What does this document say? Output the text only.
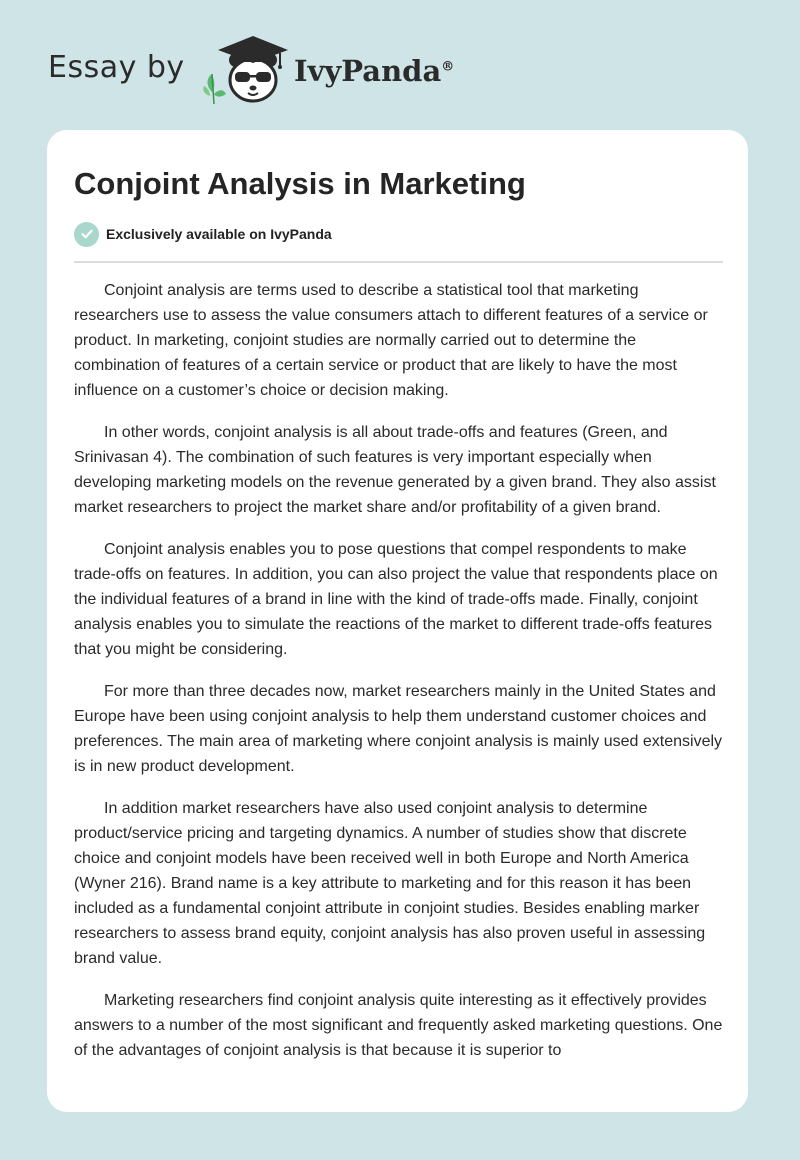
Essay by	IvyPanda®
Conjoint Analysis in Marketing
Exclusively available on IvyPanda

Conjoint analysis are terms used to describe a statistical tool that marketing researchers use to assess the value consumers attach to different features of a service or product. In marketing, conjoint studies are normally carried out to determine the combination of features of a certain service or product that are likely to have the most influence on a customer’s choice or decision making.

In other words, conjoint analysis is all about trade-offs and features (Green, and Srinivasan 4). The combination of such features is very important especially when developing marketing models on the revenue generated by a given brand. They also assist market researchers to project the market share and/or profitability of a given brand.

Conjoint analysis enables you to pose questions that compel respondents to make trade-offs on features. In addition, you can also project the value that respondents place on the individual features of a brand in line with the kind of trade-offs made. Finally, conjoint analysis enables you to simulate the reactions of the market to different trade-offs features that you might be considering.

For more than three decades now, market researchers mainly in the United States and Europe have been using conjoint analysis to help them understand customer choices and preferences. The main area of marketing where conjoint analysis is mainly used extensively is in new product development.

In addition market researchers have also used conjoint analysis to determine product/service pricing and targeting dynamics. A number of studies show that discrete choice and conjoint models have been received well in both Europe and North America (Wyner 216). Brand name is a key attribute to marketing and for this reason it has been included as a fundamental conjoint attribute in conjoint studies. Besides enabling marker researchers to assess brand equity, conjoint analysis has also proven useful in assessing brand value.

Marketing researchers find conjoint analysis quite interesting as it effectively provides answers to a number of the most significant and frequently asked marketing questions. One of the advantages of conjoint analysis is that because it is superior to
